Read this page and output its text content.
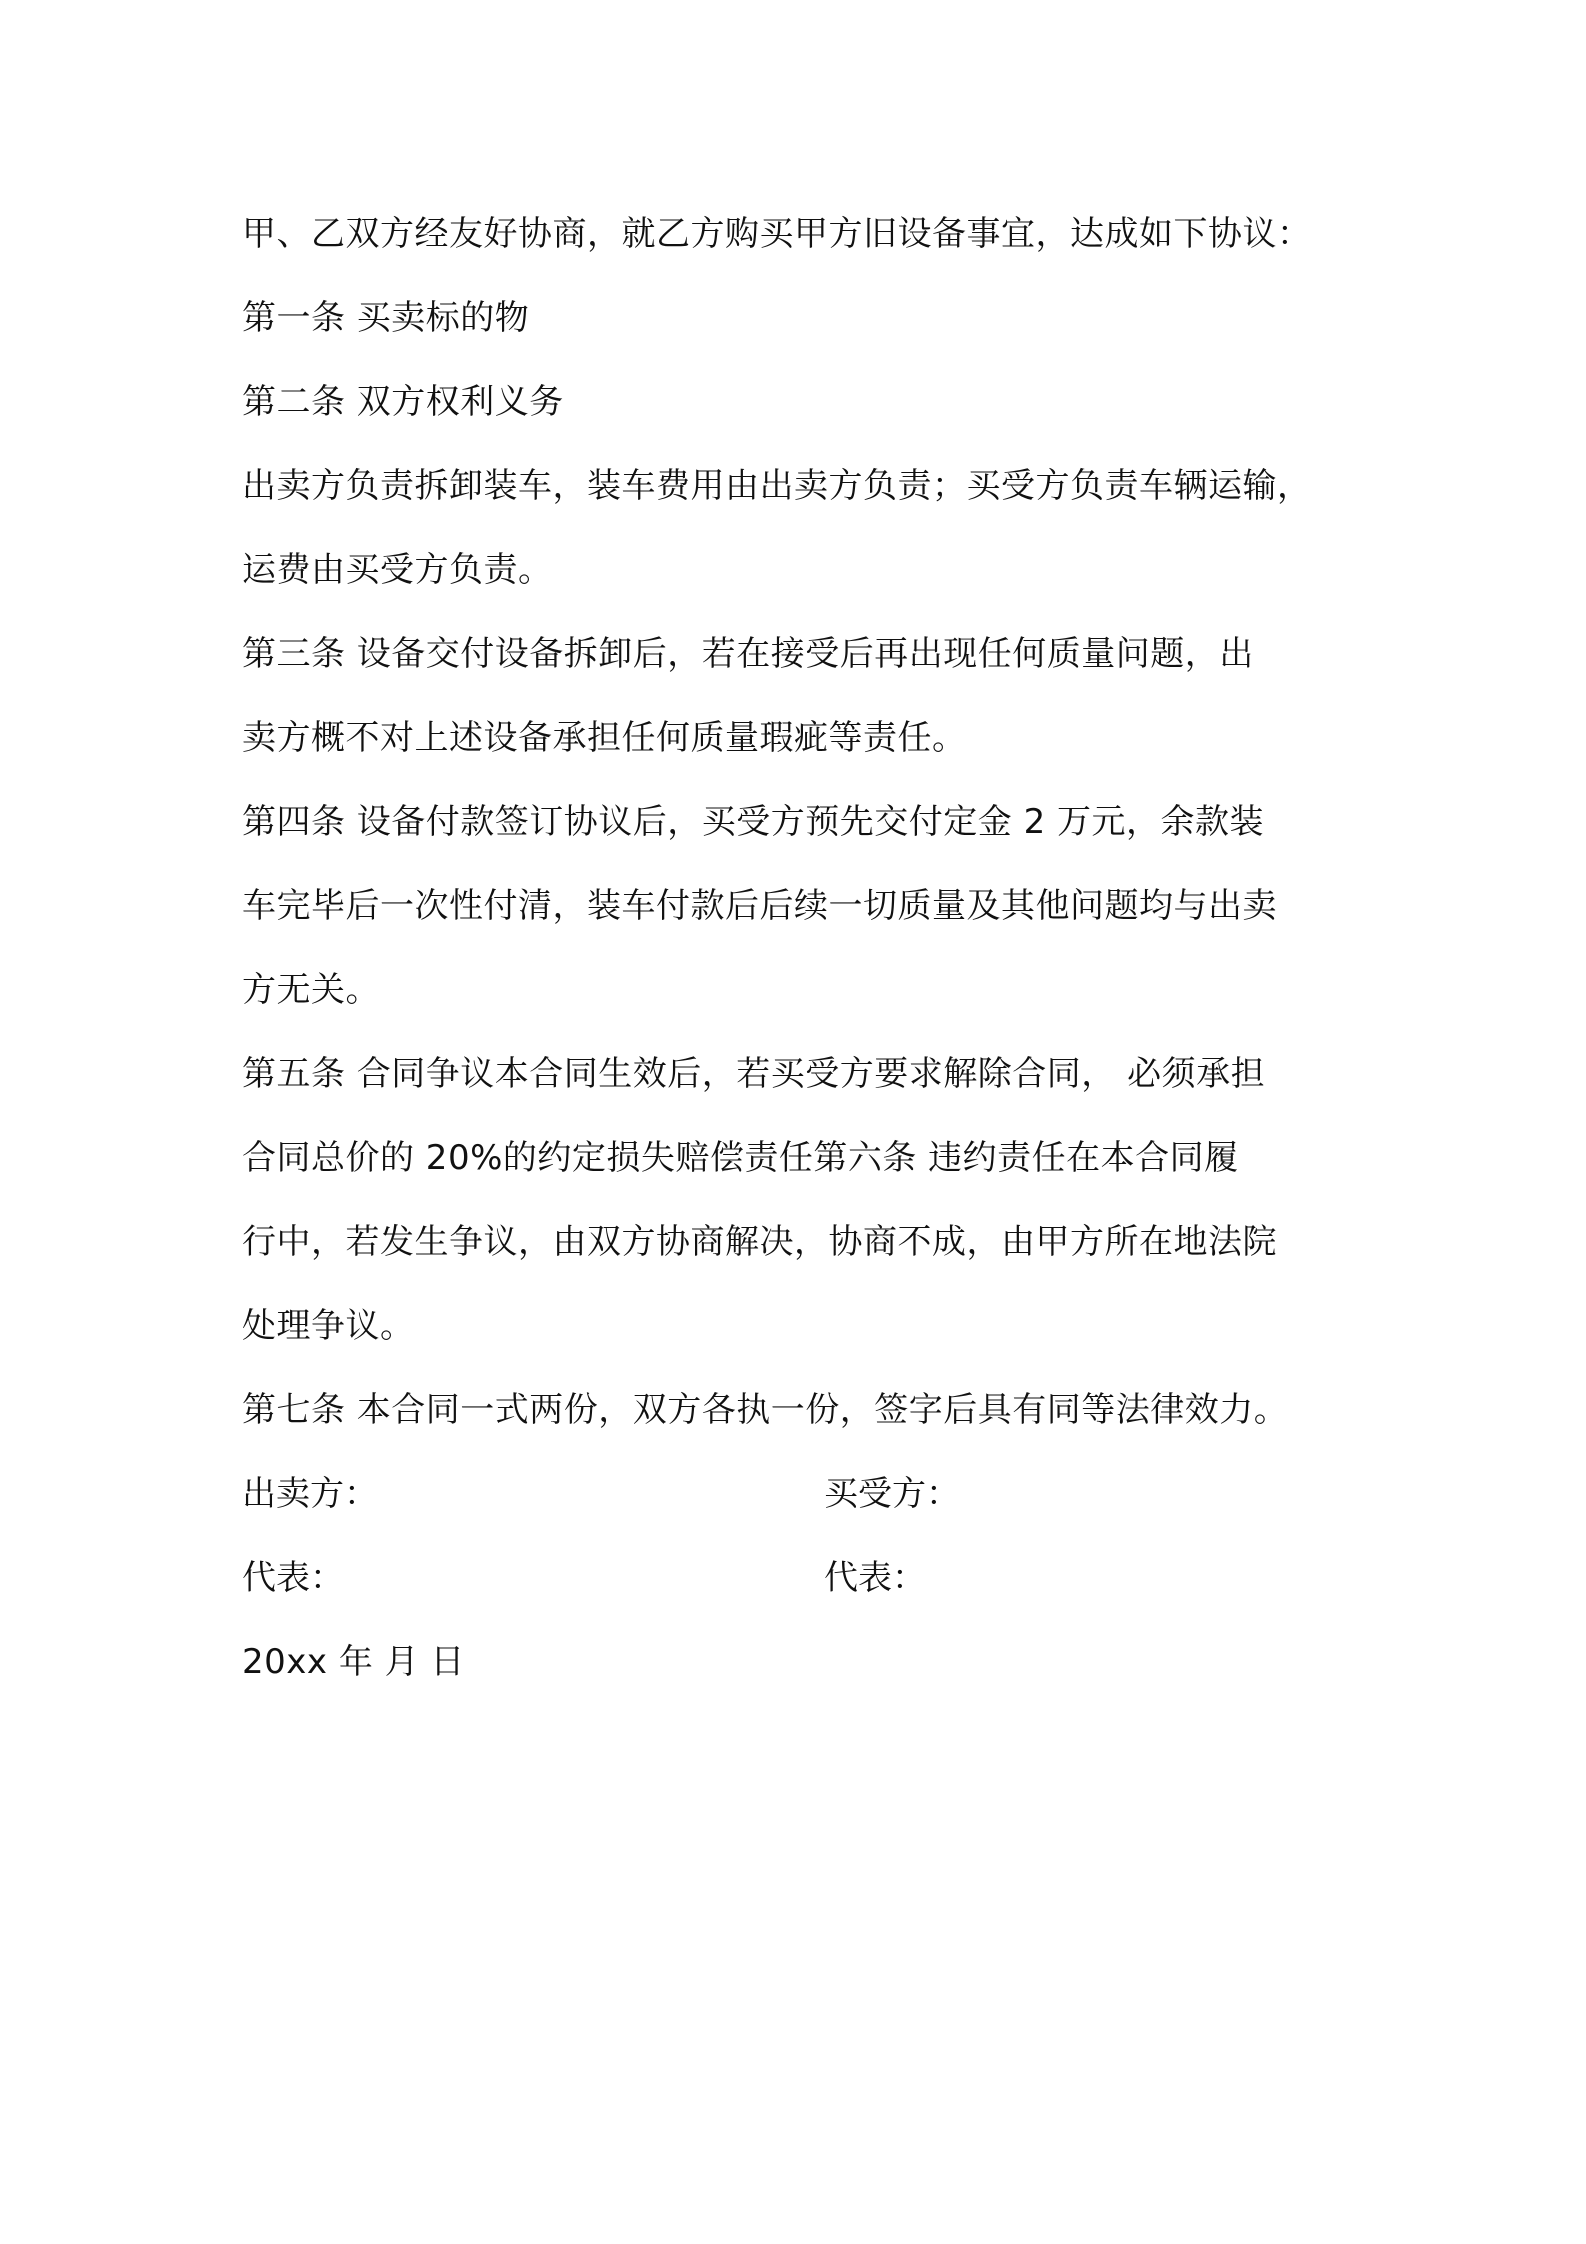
甲、乙双方经友好协商，就乙方购买甲方旧设备事宜，达成如下协议：
第一条 买卖标的物
第二条 双方权利义务
出卖方负责拆卸装车，装车费用由出卖方负责；买受方负责车辆运输，
运费由买受方负责。
第三条 设备交付设备拆卸后，若在接受后再出现任何质量问题，出
卖方概不对上述设备承担任何质量瑕疵等责任。
第四条 设备付款签订协议后，买受方预先交付定金 2 万元，余款装
车完毕后一次性付清，装车付款后后续一切质量及其他问题均与出卖
方无关。
第五条 合同争议本合同生效后，若买受方要求解除合同， 必须承担
合同总价的 20%的约定损失赔偿责任第六条 违约责任在本合同履
行中，若发生争议，由双方协商解决，协商不成，由甲方所在地法院
处理争议。
第七条 本合同一式两份，双方各执一份，签字后具有同等法律效力。
出卖方：	买受方：
代表：	代表：
20xx 年 月 日
